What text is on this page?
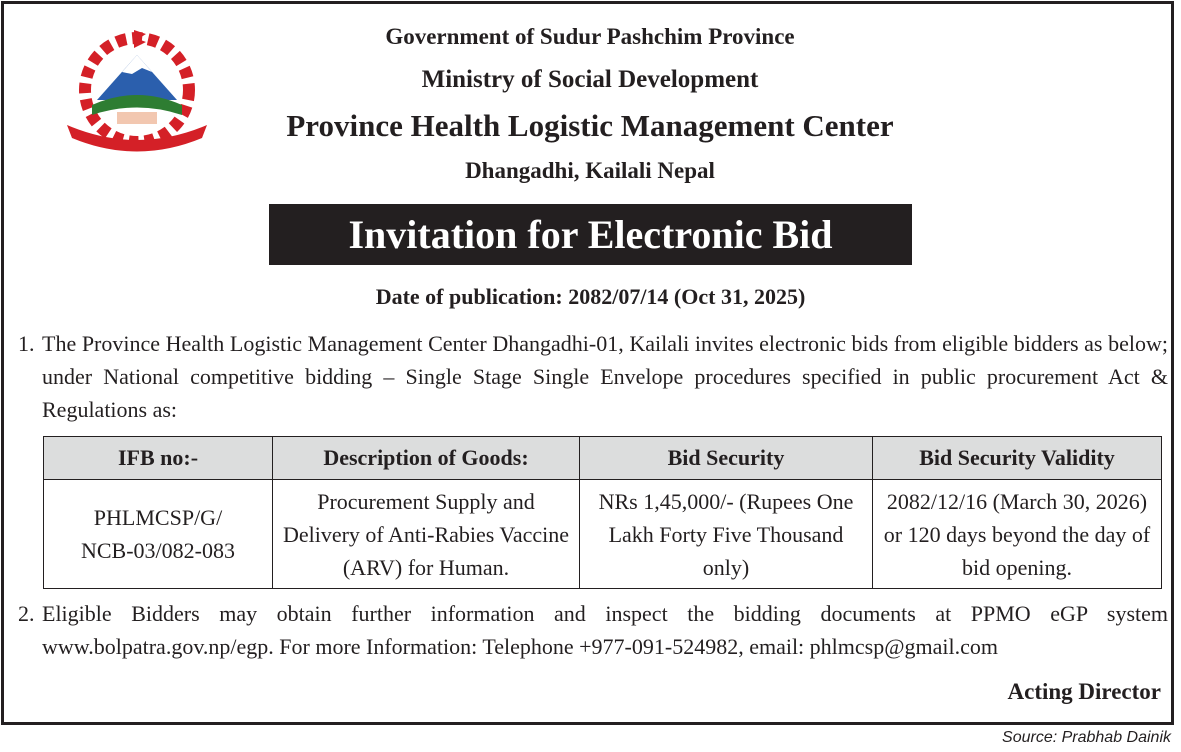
Government of Sudur Pashchim Province
Ministry of Social Development
Province Health Logistic Management Center
Dhangadhi, Kailali Nepal
Invitation for Electronic Bid
Date of publication: 2082/07/14 (Oct 31, 2025)
1. The Province Health Logistic Management Center Dhangadhi-01, Kailali invites electronic bids from eligible bidders as below; under National competitive bidding – Single Stage Single Envelope procedures specified in public procurement Act & Regulations as:
IFB no:-	Description of Goods:	Bid Security	Bid Security Validity
PHLMCSP/G/ NCB-03/082-083	Procurement Supply and Delivery of Anti-Rabies Vaccine (ARV) for Human.	NRs 1,45,000/- (Rupees One Lakh Forty Five Thousand only)	2082/12/16 (March 30, 2026) or 120 days beyond the day of bid opening.
2. Eligible Bidders may obtain further information and inspect the bidding documents at PPMO eGP system www.bolpatra.gov.np/egp. For more Information: Telephone +977-091-524982, email: phlmcsp@gmail.com
Acting Director
Source: Prabhab Dainik
